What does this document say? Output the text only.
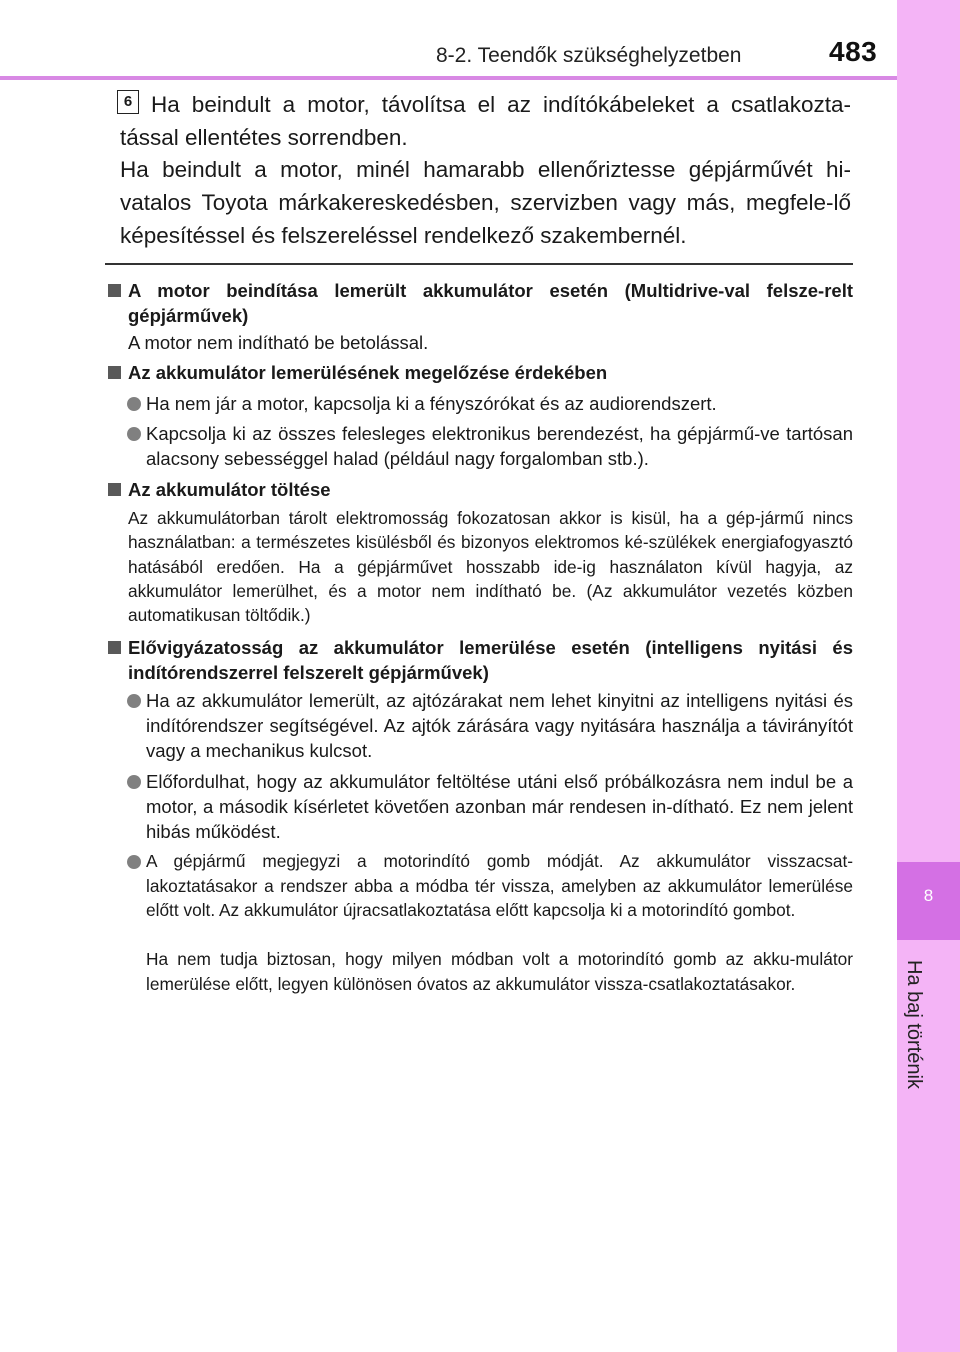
8-2. Teendők szükséghelyzetben	483
8
Ha baj történik
6 Ha beindult a motor, távolítsa el az indítókábeleket a csatlakozta-tással ellentétes sorrendben.
Ha beindult a motor, minél hamarabb ellenőriztesse gépjárművét hi-vatalos Toyota márkakereskedésben, szervizben vagy más, megfele-lő képesítéssel és felszereléssel rendelkező szakembernél.
A motor beindítása lemerült akkumulátor esetén (Multidrive-val felsze-relt gépjárművek)
A motor nem indítható be betolással.
Az akkumulátor lemerülésének megelőzése érdekében
Ha nem jár a motor, kapcsolja ki a fényszórókat és az audiorendszert.
Kapcsolja ki az összes felesleges elektronikus berendezést, ha gépjármű-ve tartósan alacsony sebességgel halad (például nagy forgalomban stb.).
Az akkumulátor töltése
Az akkumulátorban tárolt elektromosság fokozatosan akkor is kisül, ha a gép-jármű nincs használatban: a természetes kisülésből és bizonyos elektromos ké-szülékek energiafogyasztó hatásából eredően. Ha a gépjárművet hosszabb ide-ig használaton kívül hagyja, az akkumulátor lemerülhet, és a motor nem indítható be. (Az akkumulátor vezetés közben automatikusan töltődik.)
Elővigyázatosság az akkumulátor lemerülése esetén (intelligens nyitási és indítórendszerrel felszerelt gépjárművek)
Ha az akkumulátor lemerült, az ajtózárakat nem lehet kinyitni az intelligens nyitási és indítórendszer segítségével. Az ajtók zárására vagy nyitására használja a távirányítót vagy a mechanikus kulcsot.
Előfordulhat, hogy az akkumulátor feltöltése utáni első próbálkozásra nem indul be a motor, a második kísérletet követően azonban már rendesen in-dítható. Ez nem jelent hibás működést.
A gépjármű megjegyzi a motorindító gomb módját. Az akkumulátor visszacsat-lakoztatásakor a rendszer abba a módba tér vissza, amelyben az akkumulátor lemerülése előtt volt. Az akkumulátor újracsatlakoztatása előtt kapcsolja ki a motorindító gombot.
Ha nem tudja biztosan, hogy milyen módban volt a motorindító gomb az akku-mulátor lemerülése előtt, legyen különösen óvatos az akkumulátor vissza-csatlakoztatásakor.
